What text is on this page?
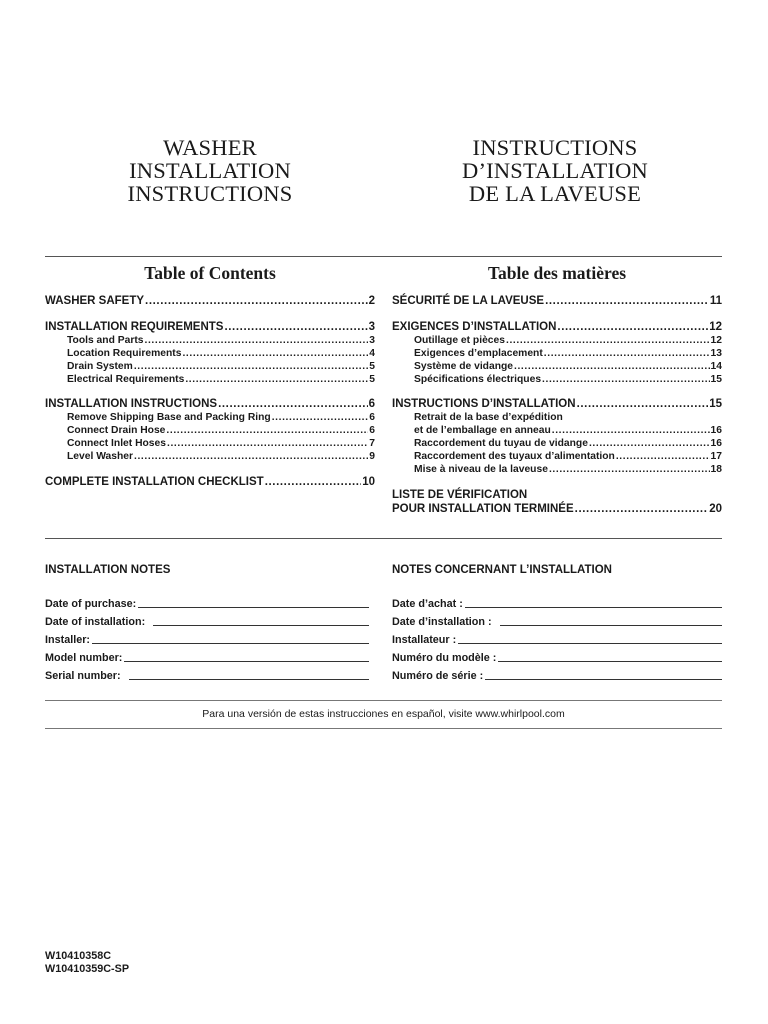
WASHER
INSTALLATION
INSTRUCTIONS
INSTRUCTIONS
D’INSTALLATION
DE LA LAVEUSE
Table of Contents	Table des matières
WASHER SAFETY .....	2
INSTALLATION REQUIREMENTS .....	3
Tools and Parts .....	3
Location Requirements .....	4
Drain System .....	5
Electrical Requirements .....	5
INSTALLATION INSTRUCTIONS .....	6
Remove Shipping Base and Packing Ring .....	6
Connect Drain Hose .....	6
Connect Inlet Hoses .....	7
Level Washer .....	9
COMPLETE INSTALLATION CHECKLIST .....	10
SÉCURITÉ DE LA LAVEUSE .....	11
EXIGENCES D’INSTALLATION .....	12
Outillage et pièces .....	12
Exigences d’emplacement .....	13
Système de vidange .....	14
Spécifications électriques .....	15
INSTRUCTIONS D’INSTALLATION .....	15
Retrait de la base d’expédition
et de l’emballage en anneau .....	16
Raccordement du tuyau de vidange .....	16
Raccordement des tuyaux d’alimentation .....	17
Mise à niveau de la laveuse .....	18
LISTE DE VÉRIFICATION
POUR INSTALLATION TERMINÉE .....	20
INSTALLATION NOTES	NOTES CONCERNANT L’INSTALLATION
Date of purchase:
Date of installation:
Installer:
Model number:
Serial number:
Date d’achat :
Date d’installation :
Installateur :
Numéro du modèle :
Numéro de série :
Para una versión de estas instrucciones en español, visite www.whirlpool.com
W10410358C
W10410359C-SP
